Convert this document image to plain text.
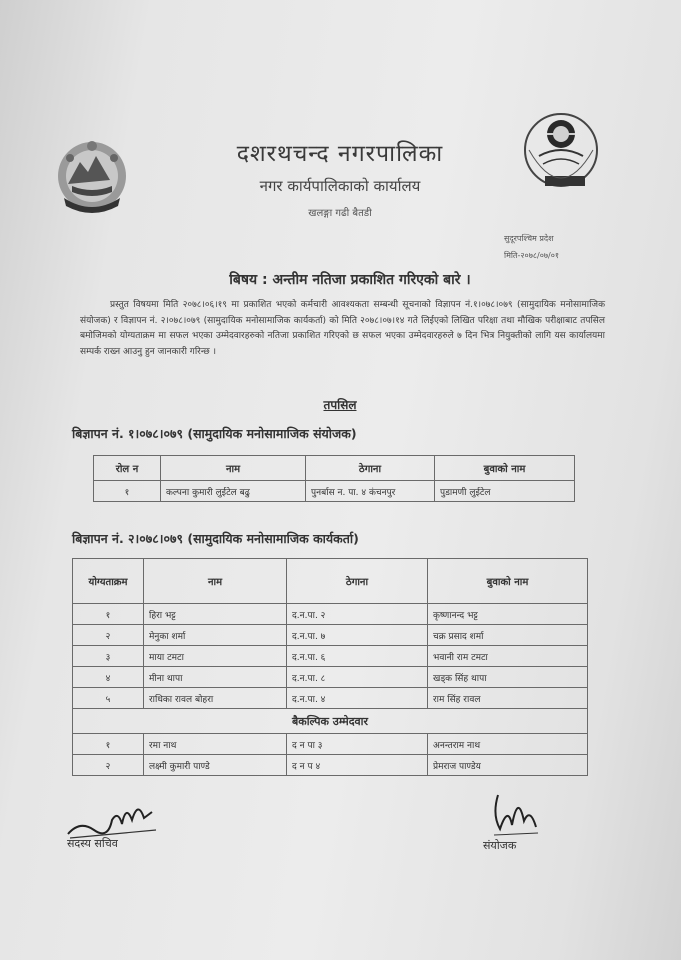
दशरथचन्द नगरपालिका
नगर कार्यपालिकाको कार्यालय
खलङ्गा गढी बैतडी
सुदूरपश्चिम प्रदेश
मिति-२०७८/०७/०१
बिषय : अन्तीम नतिजा प्रकाशित गरिएको बारे ।
प्रस्तुत विषयमा मिति २०७८।०६।१९ मा प्रकाशित भएको कर्मचारी आवश्यकता सम्बन्धी सूचनाको विज्ञापन नं.१।०७८।०७९ (सामुदायिक मनोसामाजिक संयोजक) र विज्ञापन नं. २।०७८।०७९ (सामुदायिक मनोसामाजिक कार्यकर्ता) को मिति २०७८।०७।१४ गते लिईएको लिखित परिक्षा तथा मौखिक परीक्षाबाट तपसिल बमोजिमको योग्यताक्रम मा सफल भएका उम्मेदवारहरुको नतिजा प्रकाशित गरिएको छ सफल भएका उम्मेदवारहरुले ७ दिन भित्र नियुक्तीको लागि यस कार्यालयमा सम्पर्क राख्न आउनु हुन जानकारी गरिन्छ ।
तपसिल
बिज्ञापन नं. १।०७८।०७९ (सामुदायिक मनोसामाजिक संयोजक)
रोल न	नाम	ठेगाना	बुवाको नाम
१	कल्पना कुमारी लुईटेल बढु	पुनर्बास न. पा. ४ कंचनपुर	पुडामणी लुईटेल
बिज्ञापन नं. २।०७८।०७९ (सामुदायिक मनोसामाजिक कार्यकर्ता)
योग्यताक्रम	नाम	ठेगाना	बुवाको नाम
१	हिरा भट्ट	द.न.पा. २	कृष्णानन्द भट्ट
२	मेनुका शर्मा	द.न.पा. ७	चक्र प्रसाद शर्मा
३	माया टमटा	द.न.पा. ६	भवानी राम टमटा
४	मीना थापा	द.न.पा. ८	खड्क सिंह थापा
५	राधिका रावल बोहरा	द.न.पा. ४	राम सिंह रावल
बैकल्पिक उम्मेदवार			
१	रमा नाथ	द न पा ३	अनन्तराम नाथ
२	लक्ष्मी कुमारी पाण्डे	द न प ४	प्रेमराज पाण्डेय
सदस्य सचिव	संयोजक
